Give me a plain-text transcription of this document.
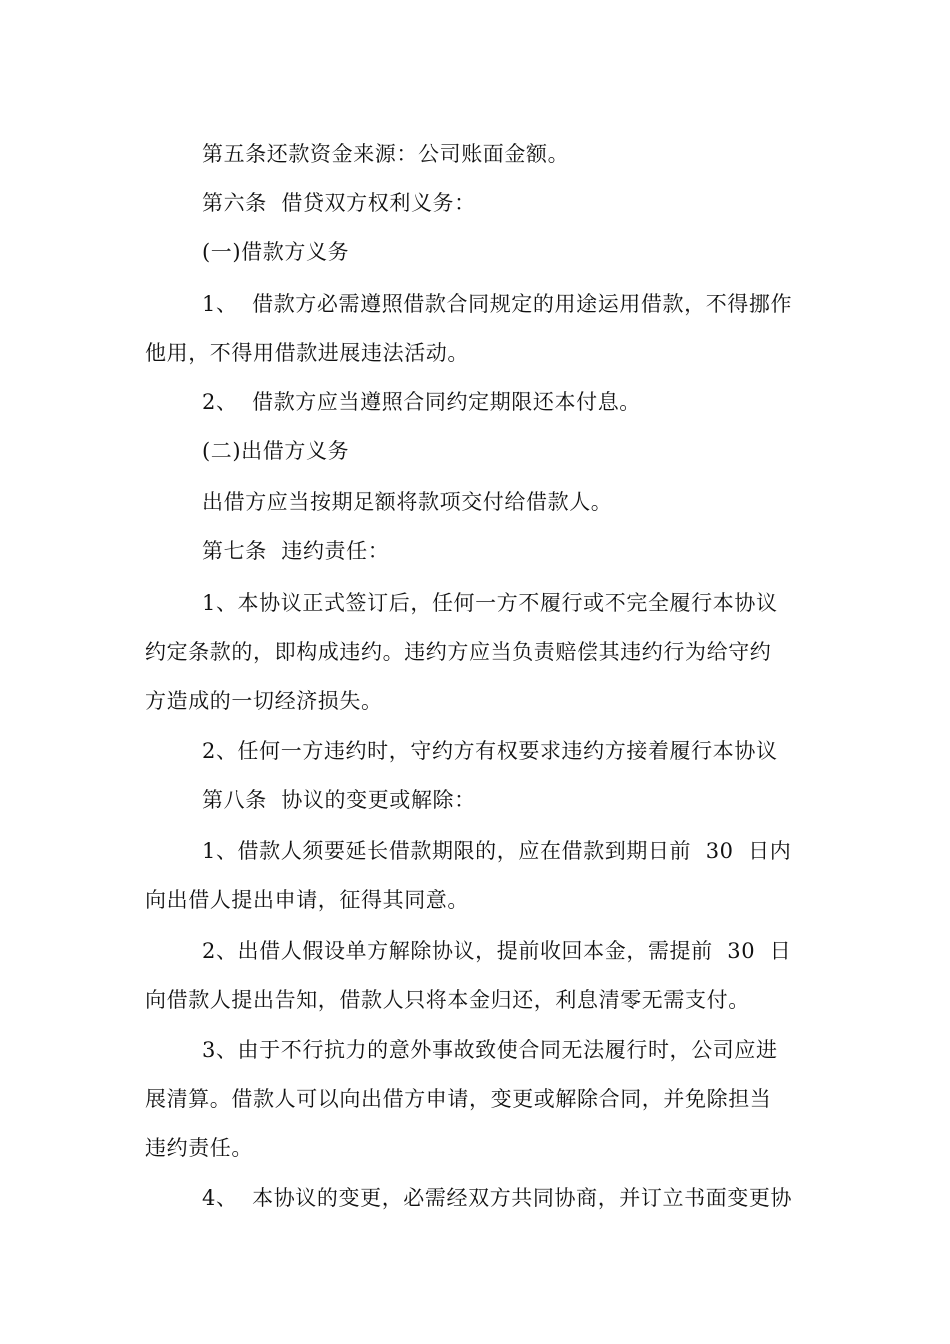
第五条还款资金来源：公司账面金额。
第六条  借贷双方权利义务：
(一)借款方义务
1、  借款方必需遵照借款合同规定的用途运用借款，不得挪作
他用，不得用借款进展违法活动。
2、  借款方应当遵照合同约定期限还本付息。
(二)出借方义务
出借方应当按期足额将款项交付给借款人。
第七条  违约责任：
1、本协议正式签订后，任何一方不履行或不完全履行本协议
约定条款的，即构成违约。违约方应当负责赔偿其违约行为给守约
方造成的一切经济损失。
2、任何一方违约时，守约方有权要求违约方接着履行本协议
第八条  协议的变更或解除：
1、借款人须要延长借款期限的，应在借款到期日前  30  日内
向出借人提出申请，征得其同意。
2、出借人假设单方解除协议，提前收回本金，需提前  30  日
向借款人提出告知，借款人只将本金归还，利息清零无需支付。
3、由于不行抗力的意外事故致使合同无法履行时，公司应进
展清算。借款人可以向出借方申请，变更或解除合同，并免除担当
违约责任。
4、  本协议的变更，必需经双方共同协商，并订立书面变更协
